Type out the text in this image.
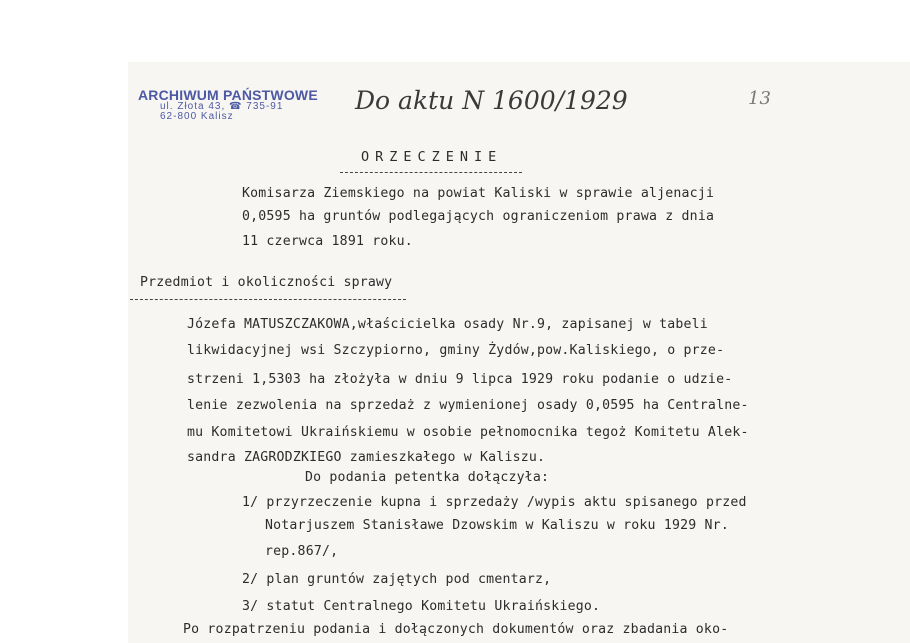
ARCHIWUM PAŃSTWOWE
ul. Złota 43, ☎ 735-91
62-800 Kalisz
Do aktu N 1600/1929	13
ORZECZENIE
Komisarza Ziemskiego na powiat Kaliski w sprawie aljenacji
0,0595 ha gruntów podlegających ograniczeniom prawa z dnia
11 czerwca 1891 roku.
Przedmiot i okoliczności sprawy
Józefa MATUSZCZAKOWA,właścicielka osady Nr.9, zapisanej w tabeli
likwidacyjnej wsi Szczypiorno, gminy Żydów,pow.Kaliskiego, o prze-
strzeni 1,5303 ha złożyła w dniu 9 lipca 1929 roku podanie o udzie-
lenie zezwolenia na sprzedaż z wymienionej osady 0,0595 ha Centralne-
mu Komitetowi Ukraińskiemu w osobie pełnomocnika tegoż Komitetu Alek-
sandra ZAGRODZKIEGO zamieszkałego w Kaliszu.
Do podania petentka dołączyła:
1/ przyrzeczenie kupna i sprzedaży /wypis aktu spisanego przed
Notarjuszem Stanisławe Dzowskim w Kaliszu w roku 1929 Nr.
rep.867/,
2/ plan gruntów zajętych pod cmentarz,
3/ statut Centralnego Komitetu Ukraińskiego.
Po rozpatrzeniu podania i dołączonych dokumentów oraz zbadania oko-
